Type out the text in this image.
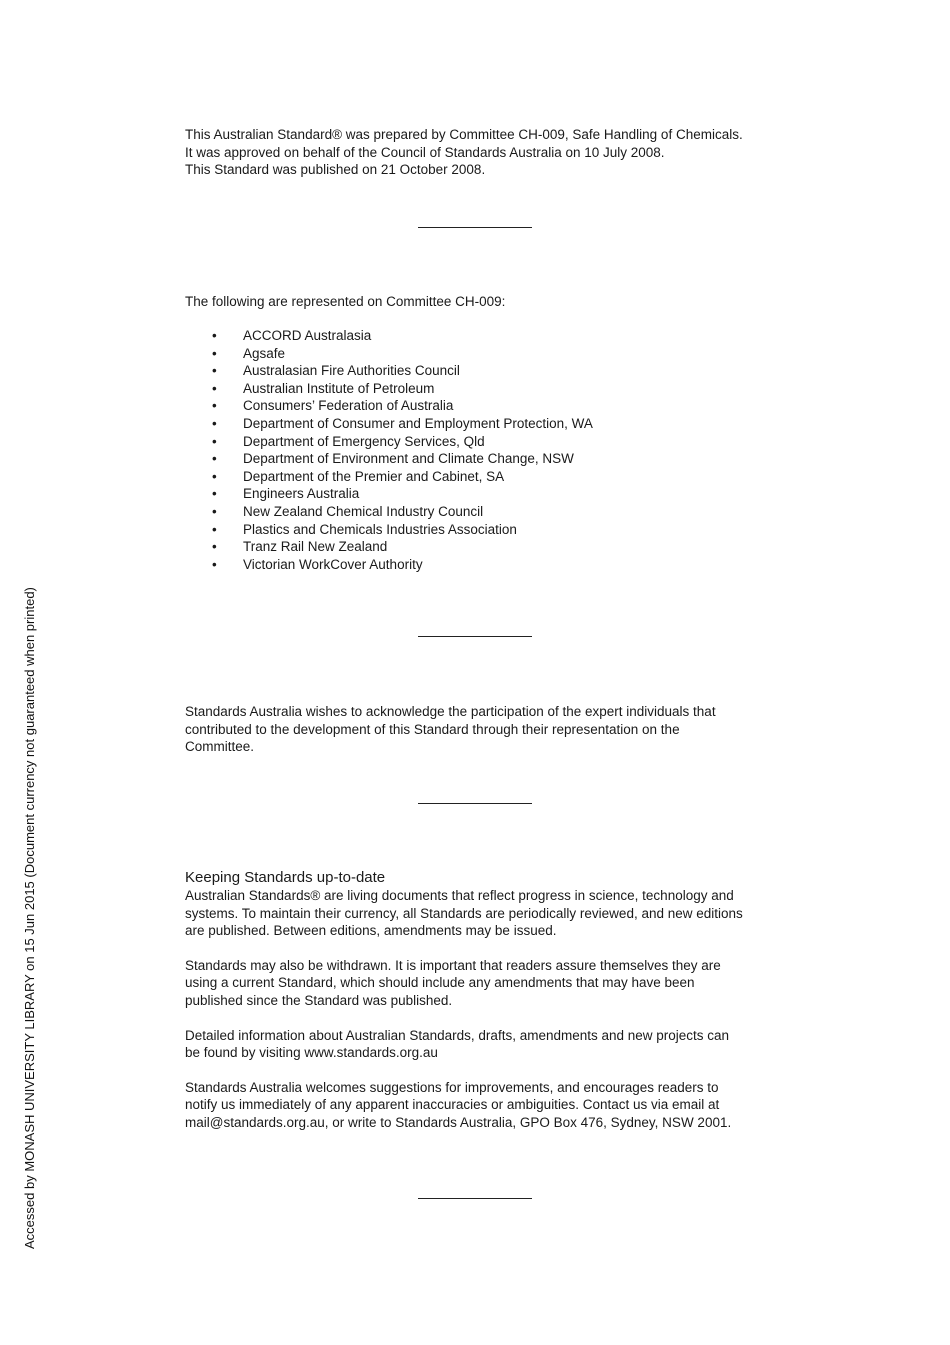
Accessed by MONASH UNIVERSITY LIBRARY on 15 Jun 2015 (Document currency not guaranteed when printed)
This Australian Standard® was prepared by Committee CH-009, Safe Handling of Chemicals.
It was approved on behalf of the Council of Standards Australia on 10 July 2008.
This Standard was published on 21 October 2008.
The following are represented on Committee CH-009:
• ACCORD Australasia
• Agsafe
• Australasian Fire Authorities Council
• Australian Institute of Petroleum
• Consumers’ Federation of Australia
• Department of Consumer and Employment Protection, WA
• Department of Emergency Services, Qld
• Department of Environment and Climate Change, NSW
• Department of the Premier and Cabinet, SA
• Engineers Australia
• New Zealand Chemical Industry Council
• Plastics and Chemicals Industries Association
• Tranz Rail New Zealand
• Victorian WorkCover Authority
Standards Australia wishes to acknowledge the participation of the expert individuals that
contributed to the development of this Standard through their representation on the
Committee.
Keeping Standards up-to-date
Australian Standards® are living documents that reflect progress in science, technology and
systems. To maintain their currency, all Standards are periodically reviewed, and new editions
are published. Between editions, amendments may be issued.
Standards may also be withdrawn. It is important that readers assure themselves they are
using a current Standard, which should include any amendments that may have been
published since the Standard was published.
Detailed information about Australian Standards, drafts, amendments and new projects can
be found by visiting www.standards.org.au
Standards Australia welcomes suggestions for improvements, and encourages readers to
notify us immediately of any apparent inaccuracies or ambiguities. Contact us via email at
mail@standards.org.au, or write to Standards Australia, GPO Box 476, Sydney, NSW 2001.
